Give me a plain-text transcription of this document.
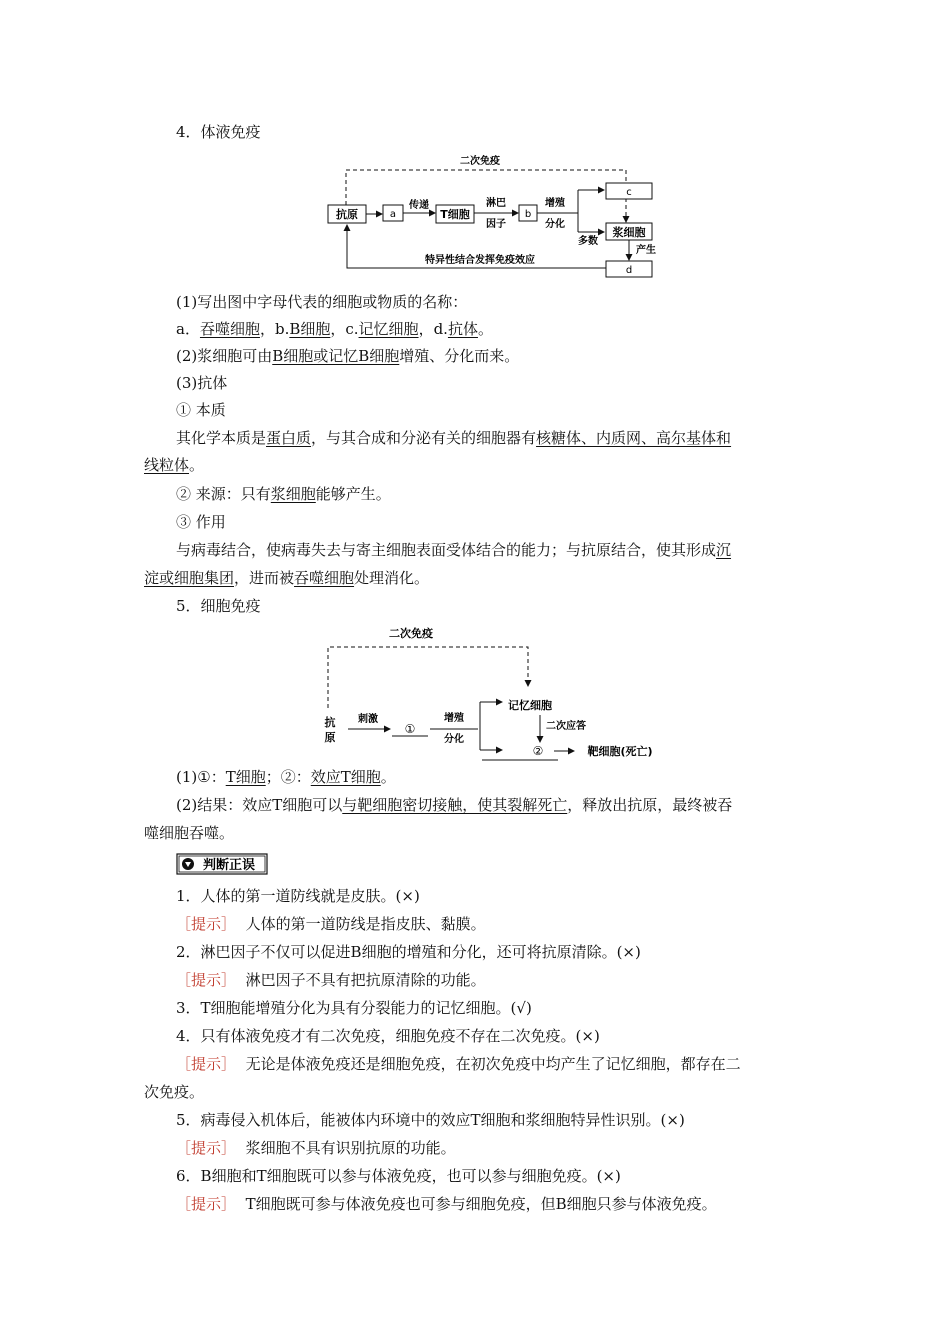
4．体液免疫
二次免疫
抗原	a
传递
T细胞
淋巴
因子
b
增殖
分化
多数
c
浆细胞
产生
d
特异性结合发挥免疫效应
(1)写出图中字母代表的细胞或物质的名称：
a．吞噬细胞，b.B细胞，c.记忆细胞，d.抗体。
(2)浆细胞可由B细胞或记忆B细胞增殖、分化而来。
(3)抗体
① 本质
其化学本质是蛋白质，与其合成和分泌有关的细胞器有核糖体、内质网、高尔基体和
线粒体。
② 来源：只有浆细胞能够产生。
③ 作用
与病毒结合，使病毒失去与寄主细胞表面受体结合的能力；与抗原结合，使其形成沉
淀或细胞集团，进而被吞噬细胞处理消化。
5．细胞免疫
二次免疫
抗
原
刺激
①
增殖
分化
记忆细胞
二次应答
②	靶细胞(死亡)
(1)①：T细胞；②：效应T细胞。
(2)结果：效应T细胞可以与靶细胞密切接触，使其裂解死亡，释放出抗原，最终被吞
噬细胞吞噬。
判断正误
1．人体的第一道防线就是皮肤。(×)
［提示］ 人体的第一道防线是指皮肤、黏膜。
2．淋巴因子不仅可以促进B细胞的增殖和分化，还可将抗原清除。(×)
［提示］ 淋巴因子不具有把抗原清除的功能。
3．T细胞能增殖分化为具有分裂能力的记忆细胞。(√)
4．只有体液免疫才有二次免疫，细胞免疫不存在二次免疫。(×)
［提示］ 无论是体液免疫还是细胞免疫，在初次免疫中均产生了记忆细胞，都存在二
次免疫。
5．病毒侵入机体后，能被体内环境中的效应T细胞和浆细胞特异性识别。(×)
［提示］ 浆细胞不具有识别抗原的功能。
6．B细胞和T细胞既可以参与体液免疫，也可以参与细胞免疫。(×)
［提示］ T细胞既可参与体液免疫也可参与细胞免疫，但B细胞只参与体液免疫。
